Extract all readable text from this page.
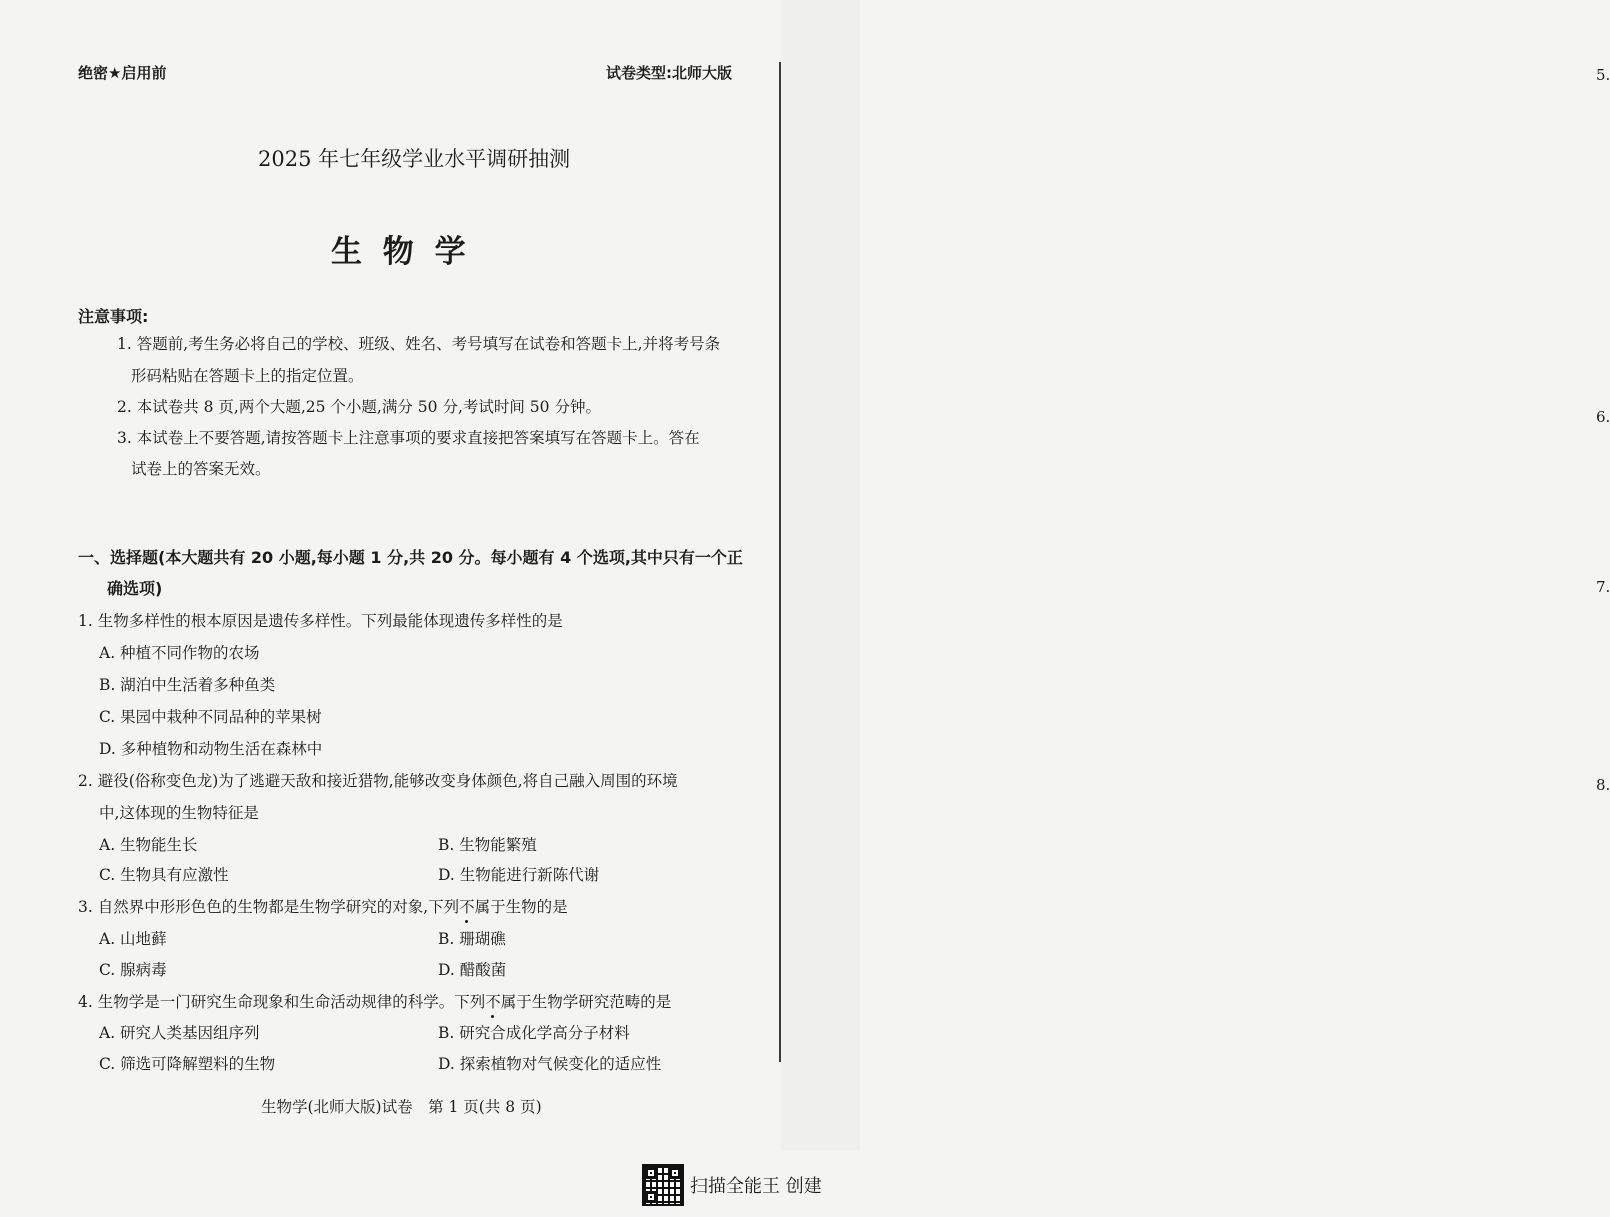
5.
6.
7.
8.
绝密★启用前	试卷类型:北师大版
2025 年七年级学业水平调研抽测
生 物 学
注意事项:
1. 答题前,考生务必将自己的学校、班级、姓名、考号填写在试卷和答题卡上,并将考号条
形码粘贴在答题卡上的指定位置。
2. 本试卷共 8 页,两个大题,25 个小题,满分 50 分,考试时间 50 分钟。
3. 本试卷上不要答题,请按答题卡上注意事项的要求直接把答案填写在答题卡上。答在
试卷上的答案无效。
一、选择题(本大题共有 20 小题,每小题 1 分,共 20 分。每小题有 4 个选项,其中只有一个正
确选项)
1. 生物多样性的根本原因是遗传多样性。下列最能体现遗传多样性的是
A. 种植不同作物的农场
B. 湖泊中生活着多种鱼类
C. 果园中栽种不同品种的苹果树
D. 多种植物和动物生活在森林中
2. 避役(俗称变色龙)为了逃避天敌和接近猎物,能够改变身体颜色,将自己融入周围的环境
中,这体现的生物特征是
A. 生物能生长	B. 生物能繁殖
C. 生物具有应激性	D. 生物能进行新陈代谢
3. 自然界中形形色色的生物都是生物学研究的对象,下列不属于生物的是
A. 山地藓	B. 珊瑚礁
C. 腺病毒	D. 醋酸菌
4. 生物学是一门研究生命现象和生命活动规律的科学。下列不属于生物学研究范畴的是
A. 研究人类基因组序列	B. 研究合成化学高分子材料
C. 筛选可降解塑料的生物	D. 探索植物对气候变化的适应性
生物学(北师大版)试卷　第 1 页(共 8 页)
扫描全能王 创建
